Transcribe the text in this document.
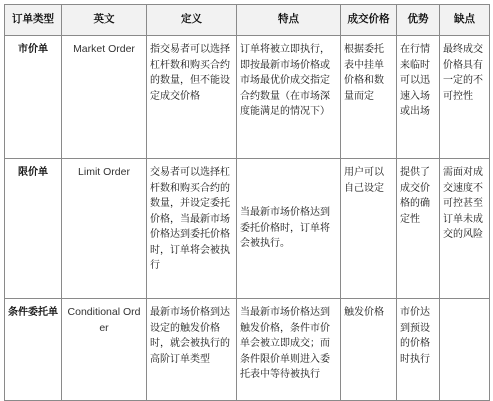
订单类型	英文	定义	特点	成交价格	优势	缺点
市价单	Market Order	指交易者可以选择杠杆数和购买合约的数量，但不能设定成交价格	订单将被立即执行，即按最新市场价格或市场最优价成交指定合约数量（在市场深度能满足的情况下）	根据委托表中挂单价格和数量而定	在行情来临时可以迅速入场或出场	最终成交价格具有一定的不可控性
限价单	Limit Order	交易者可以选择杠杆数和购买合约的数量，并设定委托价格，当最新市场价格达到委托价格时，订单将会被执行	当最新市场价格达到委托价格时，订单将会被执行。	用户可以自己设定	提供了成交价格的确定性	需面对成交速度不可控甚至订单未成交的风险
条件委托单	Conditional Order	最新市场价格到达设定的触发价格时，就会被执行的高阶订单类型	当最新市场价格达到触发价格，条件市价单会被立即成交；而条件限价单则进入委托表中等待被执行	触发价格	市价达到预设的价格时执行	
